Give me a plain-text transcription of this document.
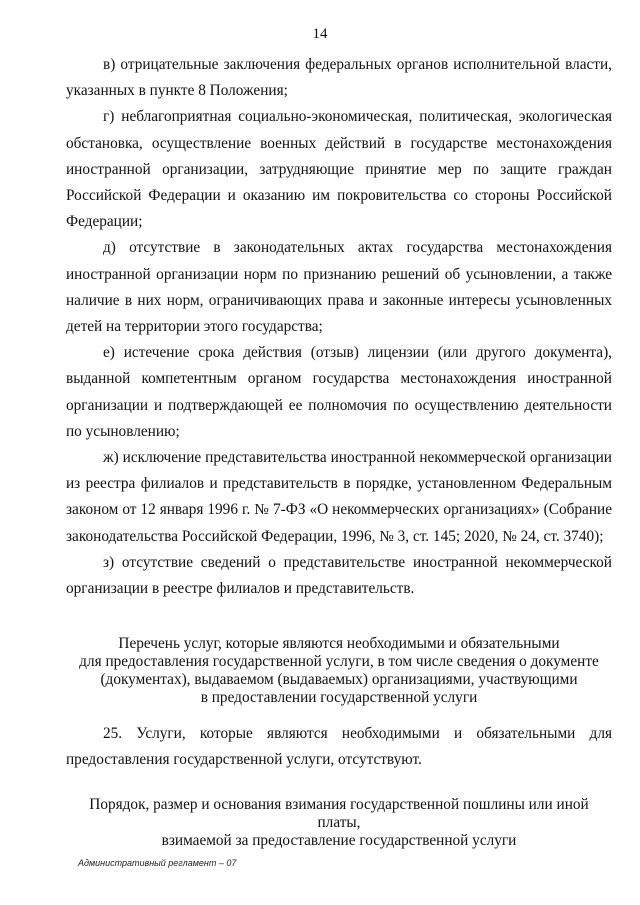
14

в) отрицательные заключения федеральных органов исполнительной власти, указанных в пункте 8 Положения;

г) неблагоприятная социально-экономическая, политическая, экологическая обстановка, осуществление военных действий в государстве местонахождения иностранной организации, затрудняющие принятие мер по защите граждан Российской Федерации и оказанию им покровительства со стороны Российской Федерации;

д) отсутствие в законодательных актах государства местонахождения иностранной организации норм по признанию решений об усыновлении, а также наличие в них норм, ограничивающих права и законные интересы усыновленных детей на территории этого государства;

е) истечение срока действия (отзыв) лицензии (или другого документа), выданной компетентным органом государства местонахождения иностранной организации и подтверждающей ее полномочия по осуществлению деятельности по усыновлению;

ж) исключение представительства иностранной некоммерческой организации из реестра филиалов и представительств в порядке, установленном Федеральным законом от 12 января 1996 г. № 7-ФЗ «О некоммерческих организациях» (Собрание законодательства Российской Федерации, 1996, № 3, ст. 145; 2020, № 24, ст. 3740);

з) отсутствие сведений о представительстве иностранной некоммерческой организации в реестре филиалов и представительств.

Перечень услуг, которые являются необходимыми и обязательными
для предоставления государственной услуги, в том числе сведения о документе
(документах), выдаваемом (выдаваемых) организациями, участвующими
в предоставлении государственной услуги

25. Услуги, которые являются необходимыми и обязательными для предоставления государственной услуги, отсутствуют.

Порядок, размер и основания взимания государственной пошлины или иной платы,
взимаемой за предоставление государственной услуги
Административный регламент – 07
